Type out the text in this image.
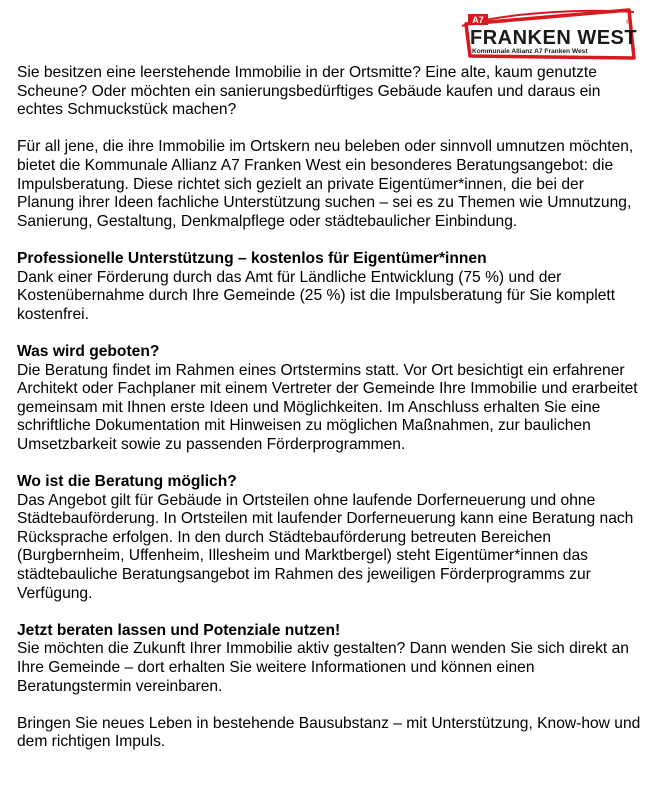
A7
FRANKEN WEST
®
Kommunale Allianz A7 Franken West

Sie besitzen eine leerstehende Immobilie in der Ortsmitte? Eine alte, kaum genutzte Scheune? Oder möchten ein sanierungsbedürftiges Gebäude kaufen und daraus ein echtes Schmuckstück machen?

Für all jene, die ihre Immobilie im Ortskern neu beleben oder sinnvoll umnutzen möchten, bietet die Kommunale Allianz A7 Franken West ein besonderes Beratungsangebot: die Impulsberatung. Diese richtet sich gezielt an private Eigentümer*innen, die bei der Planung ihrer Ideen fachliche Unterstützung suchen – sei es zu Themen wie Umnutzung, Sanierung, Gestaltung, Denkmalpflege oder städtebaulicher Einbindung.

Professionelle Unterstützung – kostenlos für Eigentümer*innen

Dank einer Förderung durch das Amt für Ländliche Entwicklung (75 %) und der Kostenübernahme durch Ihre Gemeinde (25 %) ist die Impulsberatung für Sie komplett kostenfrei.

Was wird geboten?

Die Beratung findet im Rahmen eines Ortstermins statt. Vor Ort besichtigt ein erfahrener Architekt oder Fachplaner mit einem Vertreter der Gemeinde Ihre Immobilie und erarbeitet gemeinsam mit Ihnen erste Ideen und Möglichkeiten. Im Anschluss erhalten Sie eine schriftliche Dokumentation mit Hinweisen zu möglichen Maßnahmen, zur baulichen Umsetzbarkeit sowie zu passenden Förderprogrammen.

Wo ist die Beratung möglich?

Das Angebot gilt für Gebäude in Ortsteilen ohne laufende Dorferneuerung und ohne Städtebauförderung. In Ortsteilen mit laufender Dorferneuerung kann eine Beratung nach Rücksprache erfolgen. In den durch Städtebauförderung betreuten Bereichen (Burgbernheim, Uffenheim, Illesheim und Marktbergel) steht Eigentümer*innen das städtebauliche Beratungsangebot im Rahmen des jeweiligen Förderprogramms zur Verfügung.

Jetzt beraten lassen und Potenziale nutzen!

Sie möchten die Zukunft Ihrer Immobilie aktiv gestalten? Dann wenden Sie sich direkt an Ihre Gemeinde – dort erhalten Sie weitere Informationen und können einen Beratungstermin vereinbaren.

Bringen Sie neues Leben in bestehende Bausubstanz – mit Unterstützung, Know-how und dem richtigen Impuls.
